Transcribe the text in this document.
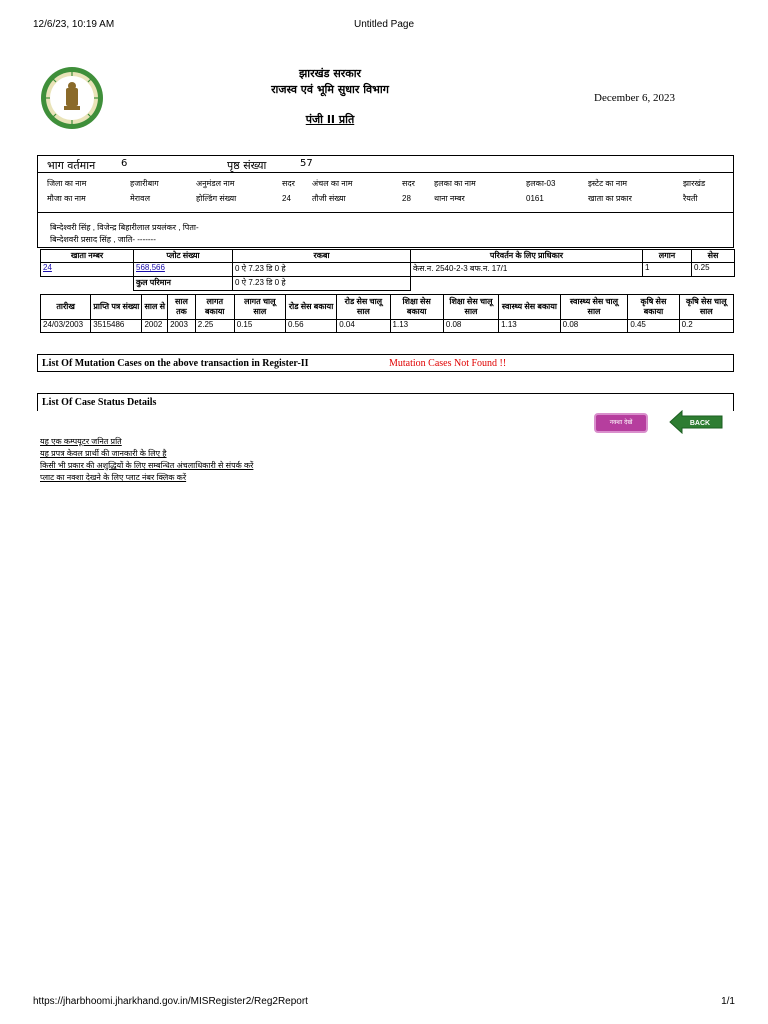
12/6/23, 10:19 AM	Untitled Page
झारखंड सरकार
राजस्व एवं भूमि सुधार विभाग
पंजी II प्रति
December 6, 2023
भाग वर्तमान	6	पृष्ठ संख्या	57
जिला का नाम	हजारीबाग	अनुमंडल नाम	सदर	अंचल का नाम	सदर	हलका का नाम	हलका-03	इस्टेट का नाम	झारखंड
मौजा का नाम	मेरावल	होल्डिंग संख्या	24	तौजी संख्या	28	थाना नम्बर	0161	खाता का प्रकार	रैयती
बिन्देश्वरी सिंह , विजेन्द्र बिहारीलाल प्रयलंकर , पिता-
बिन्देशवरी प्रसाद सिंह , जाति- -------
खाता नम्बर	प्लोट संख्या	रकबा	परिवर्तन के लिए प्राधिकार	लगान	सेस
24	568,566	0 ऐ 7.23 डि 0 हे	केस.न. 2540-2-3 बफ.न. 17/1	1	0.25
	कुल परिमान	0 ऐ 7.23 डि 0 हे			
तारीख	प्राप्ति पत्र संख्या	साल से	साल तक	लागत बकाया	लागत चालू साल	रोड सेस बकाया	रोड सेस चालू साल	शिक्षा सेस बकाया	शिक्षा सेस चालू साल	स्वास्थ्य सेस बकाया	स्वास्थ्य सेस चालू साल	कृषि सेस बकाया	कृषि सेस चालू साल
24/03/2003	3515486	2002	2003	2.25	0.15	0.56	0.04	1.13	0.08	1.13	0.08	0.45	0.2
List Of Mutation Cases on the above transaction in Register-II	Mutation Cases Not Found !!
List Of Case Status Details
नक्शा देखें	BACK
यह एक कम्पयूटर जनित प्रति
यह प्रपत्र केवल प्रार्थी की जानकारी के लिए है
किसी भी प्रकार की अशुद्धियों के लिए सम्बन्धित अंचलाधिकारी से संपर्क करें
प्लाट का नक्शा देखने के लिए प्लाट नंबर क्लिक करें
https://jharbhoomi.jharkhand.gov.in/MISRegister2/Reg2Report	1/1
